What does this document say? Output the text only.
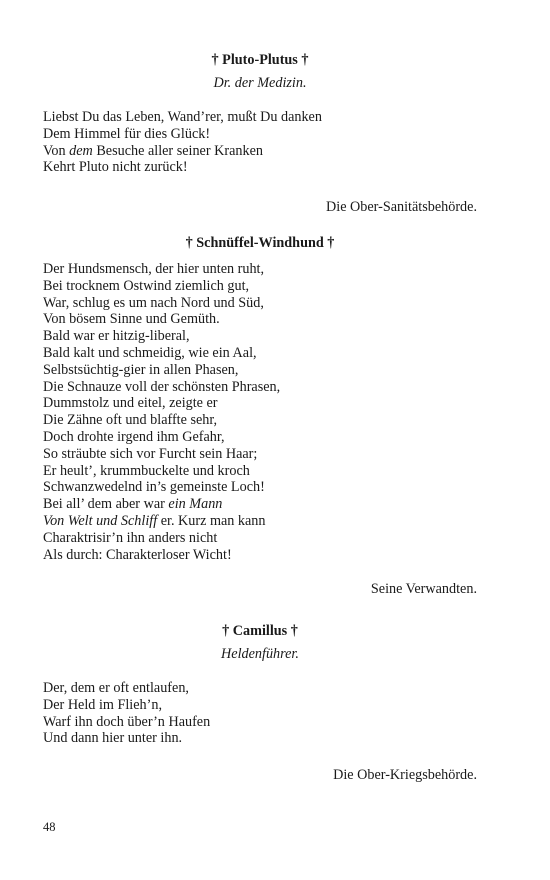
† Pluto-Plutus †
Dr. der Medizin.
Liebst Du das Leben, Wand’rer, mußt Du danken
Dem Himmel für dies Glück!
Von dem Besuche aller seiner Kranken
Kehrt Pluto nicht zurück!
Die Ober-Sanitätsbehörde.
† Schnüffel-Windhund †
Der Hundsmensch, der hier unten ruht,
Bei trocknem Ostwind ziemlich gut,
War, schlug es um nach Nord und Süd,
Von bösem Sinne und Gemüth.
Bald war er hitzig-liberal,
Bald kalt und schmeidig, wie ein Aal,
Selbstsüchtig-gier in allen Phasen,
Die Schnauze voll der schönsten Phrasen,
Dummstolz und eitel, zeigte er
Die Zähne oft und blaffte sehr,
Doch drohte irgend ihm Gefahr,
So sträubte sich vor Furcht sein Haar;
Er heult’, krummbuckelte und kroch
Schwanzwedelnd in’s gemeinste Loch!
Bei all’ dem aber war ein Mann
Von Welt und Schliff er. Kurz man kann
Charaktrisir’n ihn anders nicht
Als durch: Charakterloser Wicht!
Seine Verwandten.
† Camillus †
Heldenführer.
Der, dem er oft entlaufen,
Der Held im Flieh’n,
Warf ihn doch über’n Haufen
Und dann hier unter ihn.
Die Ober-Kriegsbehörde.
48
